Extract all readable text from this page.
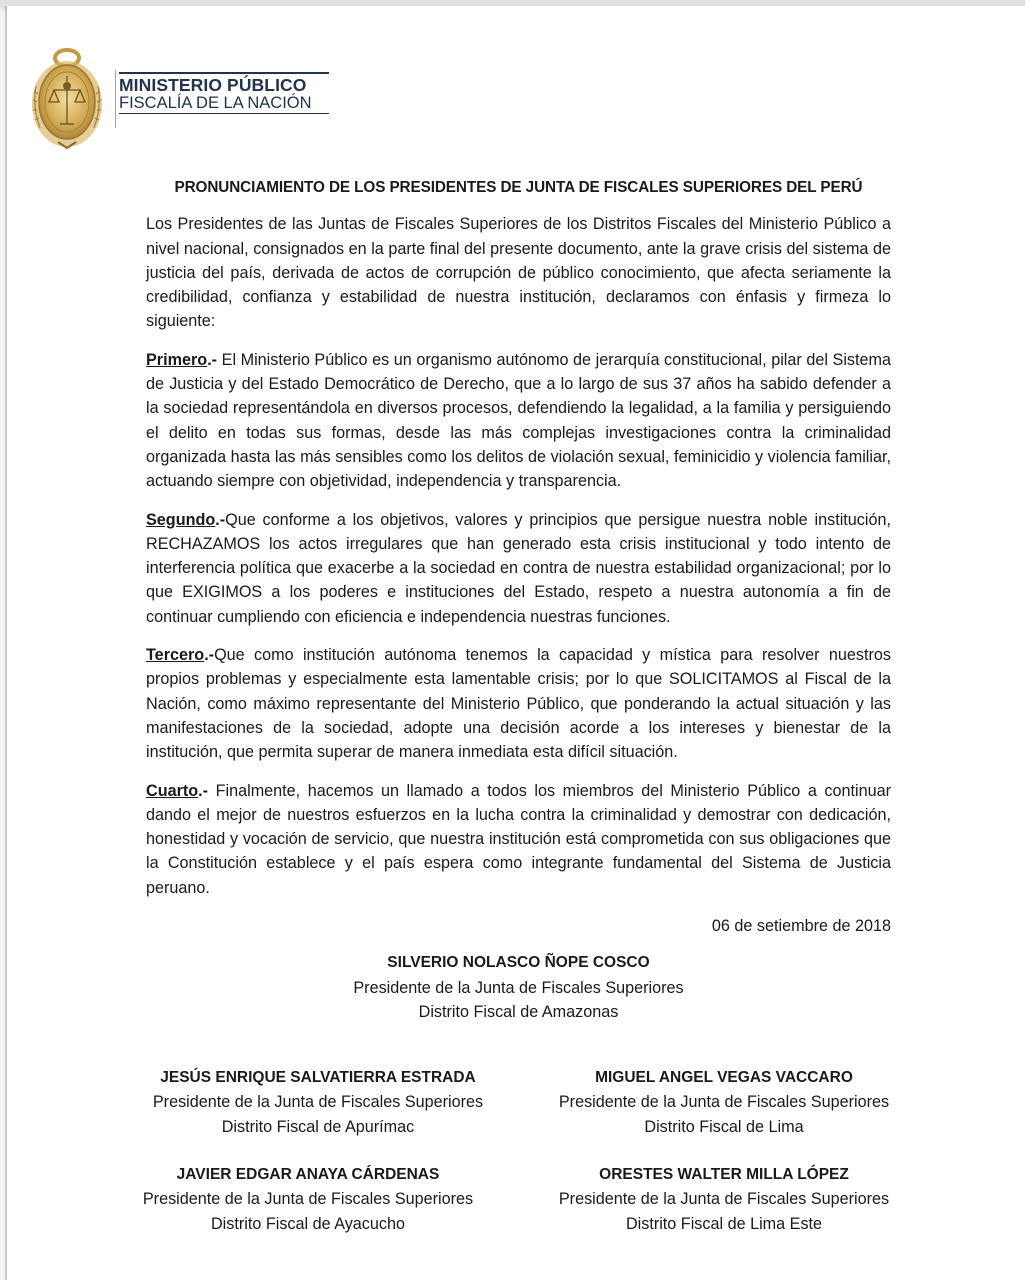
MINISTERIO PÚBLICO
FISCALÍA DE LA NACIÓN
PRONUNCIAMIENTO DE LOS PRESIDENTES DE JUNTA DE FISCALES SUPERIORES DEL PERÚ

Los Presidentes de las Juntas de Fiscales Superiores de los Distritos Fiscales del Ministerio Público a nivel nacional, consignados en la parte final del presente documento, ante la grave crisis del sistema de justicia del país, derivada de actos de corrupción de público conocimiento, que afecta seriamente la credibilidad, confianza y estabilidad de nuestra institución, declaramos con énfasis y firmeza lo siguiente:

Primero.- El Ministerio Público es un organismo autónomo de jerarquía constitucional, pilar del Sistema de Justicia y del Estado Democrático de Derecho, que a lo largo de sus 37 años ha sabido defender a la sociedad representándola en diversos procesos, defendiendo la legalidad, a la familia y persiguiendo el delito en todas sus formas, desde las más complejas investigaciones contra la criminalidad organizada hasta las más sensibles como los delitos de violación sexual, feminicidio y violencia familiar, actuando siempre con objetividad, independencia y transparencia.

Segundo.-Que conforme a los objetivos, valores y principios que persigue nuestra noble institución, RECHAZAMOS los actos irregulares que han generado esta crisis institucional y todo intento de interferencia política que exacerbe a la sociedad en contra de nuestra estabilidad organizacional; por lo que EXIGIMOS a los poderes e instituciones del Estado, respeto a nuestra autonomía a fin de continuar cumpliendo con eficiencia e independencia nuestras funciones.

Tercero.-Que como institución autónoma tenemos la capacidad y mística para resolver nuestros propios problemas y especialmente esta lamentable crisis; por lo que SOLICITAMOS al Fiscal de la Nación, como máximo representante del Ministerio Público, que ponderando la actual situación y las manifestaciones de la sociedad, adopte una decisión acorde a los intereses y bienestar de la institución, que permita superar de manera inmediata esta difícil situación.

Cuarto.- Finalmente, hacemos un llamado a todos los miembros del Ministerio Público a continuar dando el mejor de nuestros esfuerzos en la lucha contra la criminalidad y demostrar con dedicación, honestidad y vocación de servicio, que nuestra institución está comprometida con sus obligaciones que la Constitución establece y el país espera como integrante fundamental del Sistema de Justicia peruano.

06 de setiembre de 2018
SILVERIO NOLASCO ÑOPE COSCO
Presidente de la Junta de Fiscales Superiores
Distrito Fiscal de Amazonas
JESÚS ENRIQUE SALVATIERRA ESTRADA
Presidente de la Junta de Fiscales Superiores
Distrito Fiscal de Apurímac
MIGUEL ANGEL VEGAS VACCARO
Presidente de la Junta de Fiscales Superiores
Distrito Fiscal de Lima
JAVIER EDGAR ANAYA CÁRDENAS
Presidente de la Junta de Fiscales Superiores
Distrito Fiscal de Ayacucho
ORESTES WALTER MILLA LÓPEZ
Presidente de la Junta de Fiscales Superiores
Distrito Fiscal de Lima Este
